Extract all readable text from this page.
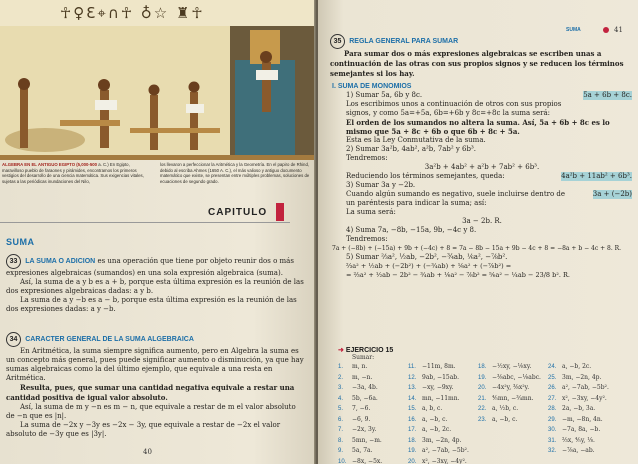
☥♀Ɛ⌖∩☥ ♁☆ ♜☥
ALGEBRA EN EL ANTIGUO EGIPTO (5,000-500 a. C.) En Egipto, maravilloso pueblo de faraones y pirámides, encontramos los primeros vestigios del desarrollo de una ciencia matemática. Sus exigencias vitales, sujetas a las periódicas inundaciones del Nilo,
los llevaron a perfeccionar la Aritmética y la Geometría. En el papiro de Rhind, debido al escriba Ahmes (1650 A. C.), el más valioso y antiguo documento matemático que existe, se presentan entre múltiples problemas, soluciones de ecuaciones de segundo grado.
CAPITULO
SUMA
33 LA SUMA O ADICION es una operación que tiene por objeto reunir dos o más expresiones algebraicas (sumandos) en una sola expresión algebraica (suma).
Así, la suma de a y b es a + b, porque esta última expresión es la reunión de las dos expresiones algebraicas dadas: a y b.
La suma de a y −b es a − b, porque esta última expresión es la reunión de las dos expresiones dadas: a y −b.
34 CARACTER GENERAL DE LA SUMA ALGEBRAICA
En Aritmética, la suma siempre significa aumento, pero en Algebra la suma es un concepto más general, pues puede significar aumento o disminución, ya que hay sumas algebraicas como la del último ejemplo, que equivale a una resta en Aritmética.
Resulta, pues, que sumar una cantidad negativa equivale a restar una cantidad positiva de igual valor absoluto.
Así, la suma de m y −n es m − n, que equivale a restar de m el valor absoluto de −n que es |n|.
La suma de −2x y −3y es −2x − 3y, que equivale a restar de −2x el valor absoluto de −3y que es |3y|.
40
SUMA	41
35 REGLA GENERAL PARA SUMAR
Para sumar dos o más expresiones algebraicas se escriben unas a continuación de las otras con sus propios signos y se reducen los términos semejantes si los hay.
I. SUMA DE MONOMIOS
1) Sumar 5a, 6b y 8c.
Los escribimos unos a continuación de otros con sus propios signos, y como 5a=+5a, 6b=+6b y 8c=+8c la suma será:
5a + 6b + 8c.
El orden de los sumandos no altera la suma. Así, 5a + 6b + 8c es lo mismo que 5a + 8c + 6b o que 6b + 8c + 5a.
Esta es la Ley Conmutativa de la suma.
2) Sumar 3a²b, 4ab², a²b, 7ab² y 6b³.
Tendremos:
3a²b + 4ab² + a²b + 7ab² + 6b³.
Reduciendo los términos semejantes, queda:	4a²b + 11ab² + 6b³.
3) Sumar 3a y −2b.
Cuando algún sumando es negativo, suele incluirse dentro de un paréntesis para indicar la suma; así:
3a + (−2b)
La suma será:
3a − 2b. R.
4) Suma 7a, −8b, −15a, 9b, −4c y 8.
Tendremos:
7a + (−8b) + (−15a) + 9b + (−4c) + 8 = 7a − 8b − 15a + 9b − 4c + 8 = −8a + b − 4c + 8. R.
5) Sumar ⅔a², ½ab, −2b², −¾ab, ⅙a², −⅞b².
⅔a² + ½ab + (−2b²) + (−¾ab) + ⅙a² + (−⅞b²) =
= ⅔a² + ½ab − 2b² − ¾ab + ⅙a² − ⅞b² = ⅚a² − ¼ab − 23/8 b². R.
➜ EJERCICIO 15
Sumar:
1. m, n.
2. m, −n.
3. −3a, 4b.
4. 5b, −6a.
5. 7, −6.
6. −6, 9.
7. −2x, 3y.
8. 5mn, −m.
9. 5a, 7a.
10. −8x, −5x.
11. −11m, 8m.
12. 9ab, −15ab.
13. −xy, −9xy.
14. mn, −11mn.
15. a, b, c.
16. a, −b, c.
17. a, −b, 2c.
18. 3m, −2n, 4p.
19. a², −7ab, −5b².
20. x², −3xy, −4y².
18. −½xy, −⅛xy.
19. −⅜abc, −⅛abc.
20. −4x²y, ⅜x²y.
21. ⅘mn, −¾mn.
22. a, ½b, c.
23. a, −b, c.
24. a, −b, 2c.
25. 3m, −2n, 4p.
26. a², −7ab, −5b².
27. x², −3xy, −4y².
28. 2a, −b, 3a.
29. −m, −8n, 4n.
30. −7a, 8a, −b.
31. ⅔x, ⅘y, ⅛.
32. −⅞a, −ab.
